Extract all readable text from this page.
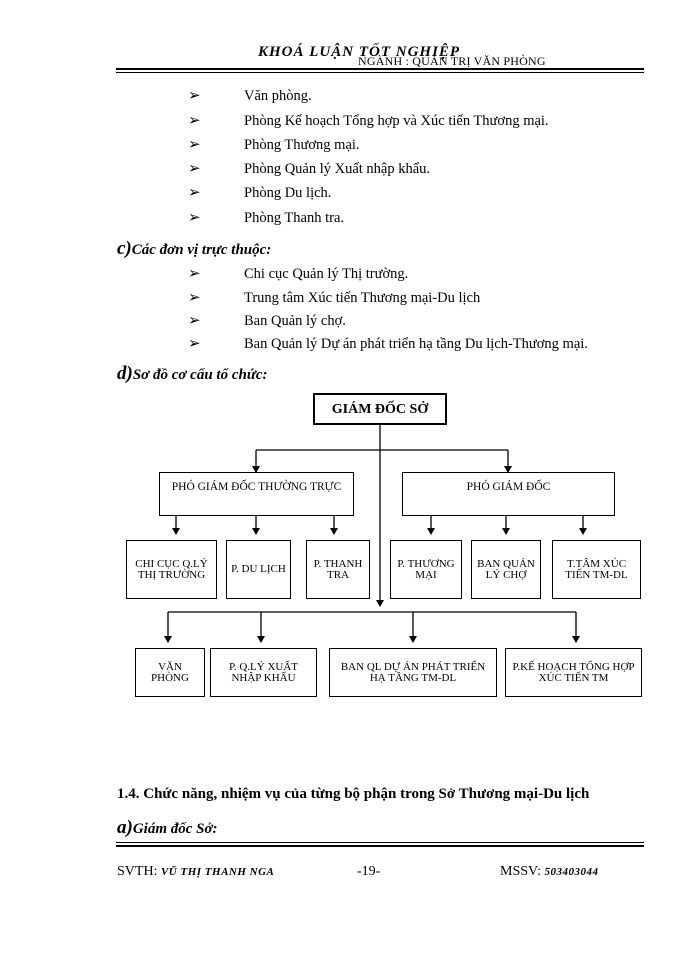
KHOÁ LUẬN TỐT NGHIỆP
NGÀNH : QUẢN TRỊ VĂN PHÒNG
➢	Văn phòng.
➢	Phòng Kế hoạch Tổng hợp và Xúc tiến Thương mại.
➢	Phòng Thương mại.
➢	Phòng Quản lý Xuất nhập khẩu.
➢	Phòng Du lịch.
➢	Phòng Thanh tra.
c)Các đơn vị trực thuộc:
➢	Chi cục Quản lý Thị trường.
➢	Trung tâm Xúc tiến Thương mại-Du lịch
➢	Ban Quản lý chợ.
➢	Ban Quản lý Dự án phát triển hạ tầng Du lịch-Thương mại.
d)Sơ đồ cơ cấu tổ chức:
GIÁM ĐỐC SỞ
PHÓ GIÁM ĐỐC THƯỜNG TRỰC	PHÓ GIÁM ĐỐC
CHI CỤC Q.LÝ THỊ TRƯỜNG	P. DU LỊCH	P. THANH TRA
P. THƯƠNG MẠI
BAN QUẢN LÝ CHỢ
T.TÂM XÚC TIẾN TM-DL
VĂN PHÒNG
P. Q.LÝ XUẤT NHẬP KHẨU
BAN QL DỰ ÁN PHÁT TRIỂN HẠ TẦNG TM-DL
P.KẾ HOẠCH TỔNG HỢP XÚC TIẾN TM
1.4. Chức năng, nhiệm vụ của từng bộ phận trong Sở Thương mại-Du lịch
a)Giám đốc Sở:
SVTH: VŨ THỊ THANH NGA	-19-	MSSV: 503403044
